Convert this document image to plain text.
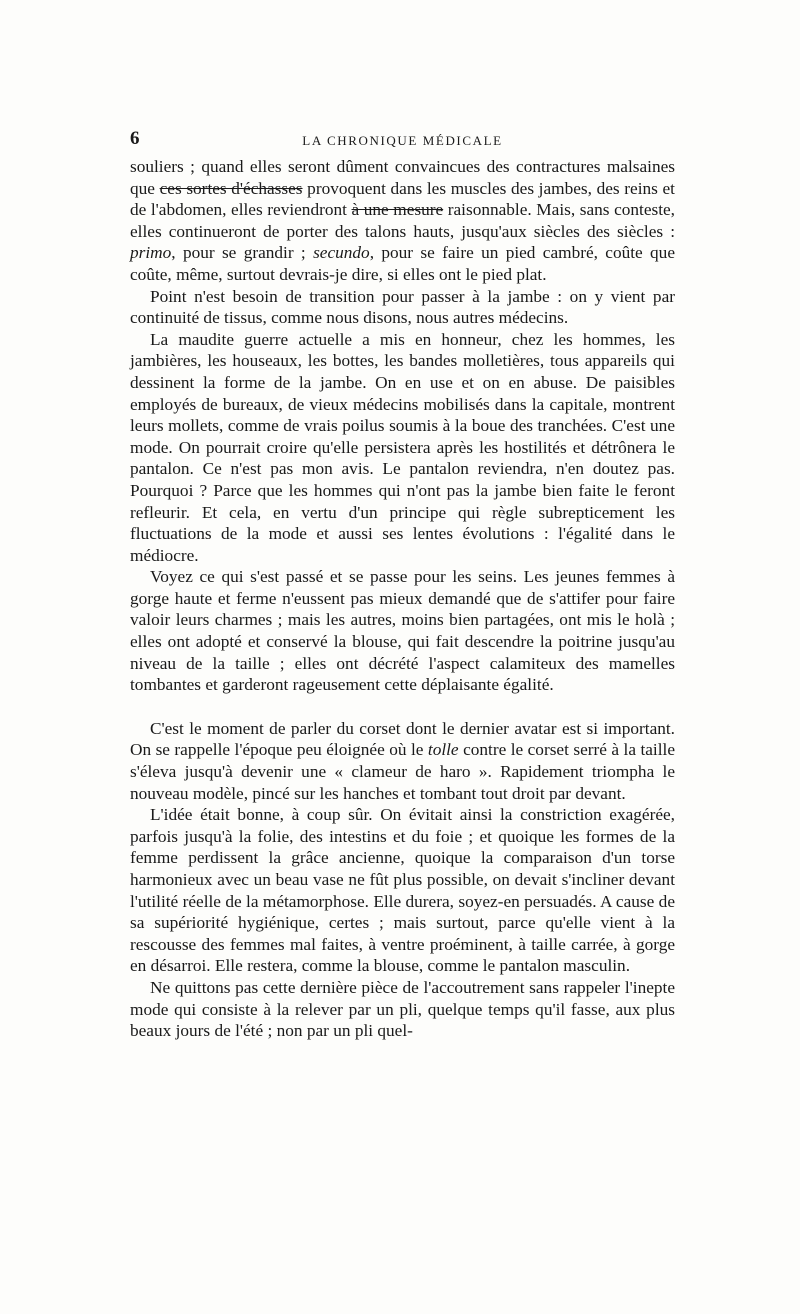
6	LA CHRONIQUE MÉDICALE

souliers ; quand elles seront dûment convaincues des contractures malsaines que ces sortes d'échasses provoquent dans les muscles des jambes, des reins et de l'abdomen, elles reviendront à une mesure raisonnable. Mais, sans conteste, elles continueront de porter des talons hauts, jusqu'aux siècles des siècles : primo, pour se grandir ; secundo, pour se faire un pied cambré, coûte que coûte, même, surtout devrais-je dire, si elles ont le pied plat.

Point n'est besoin de transition pour passer à la jambe : on y vient par continuité de tissus, comme nous disons, nous autres médecins.

La maudite guerre actuelle a mis en honneur, chez les hommes, les jambières, les houseaux, les bottes, les bandes molletières, tous appareils qui dessinent la forme de la jambe. On en use et on en abuse. De paisibles employés de bureaux, de vieux médecins mobilisés dans la capitale, montrent leurs mollets, comme de vrais poilus soumis à la boue des tranchées. C'est une mode. On pourrait croire qu'elle persistera après les hostilités et détrônera le pantalon. Ce n'est pas mon avis. Le pantalon reviendra, n'en doutez pas. Pourquoi ? Parce que les hommes qui n'ont pas la jambe bien faite le feront refleurir. Et cela, en vertu d'un principe qui règle subrepticement les fluctuations de la mode et aussi ses lentes évolutions : l'égalité dans le médiocre.

Voyez ce qui s'est passé et se passe pour les seins. Les jeunes femmes à gorge haute et ferme n'eussent pas mieux demandé que de s'attifer pour faire valoir leurs charmes ; mais les autres, moins bien partagées, ont mis le holà ; elles ont adopté et conservé la blouse, qui fait descendre la poitrine jusqu'au niveau de la taille ; elles ont décrété l'aspect calamiteux des mamelles tombantes et garderont rageusement cette déplaisante égalité.

C'est le moment de parler du corset dont le dernier avatar est si important. On se rappelle l'époque peu éloignée où le tolle contre le corset serré à la taille s'éleva jusqu'à devenir une « clameur de haro ». Rapidement triompha le nouveau modèle, pincé sur les hanches et tombant tout droit par devant.

L'idée était bonne, à coup sûr. On évitait ainsi la constriction exagérée, parfois jusqu'à la folie, des intestins et du foie ; et quoique les formes de la femme perdissent la grâce ancienne, quoique la comparaison d'un torse harmonieux avec un beau vase ne fût plus possible, on devait s'incliner devant l'utilité réelle de la métamorphose. Elle durera, soyez-en persuadés. A cause de sa supériorité hygiénique, certes ; mais surtout, parce qu'elle vient à la rescousse des femmes mal faites, à ventre proéminent, à taille carrée, à gorge en désarroi. Elle restera, comme la blouse, comme le pantalon masculin.

Ne quittons pas cette dernière pièce de l'accoutrement sans rappeler l'inepte mode qui consiste à la relever par un pli, quelque temps qu'il fasse, aux plus beaux jours de l'été ; non par un pli quel-
